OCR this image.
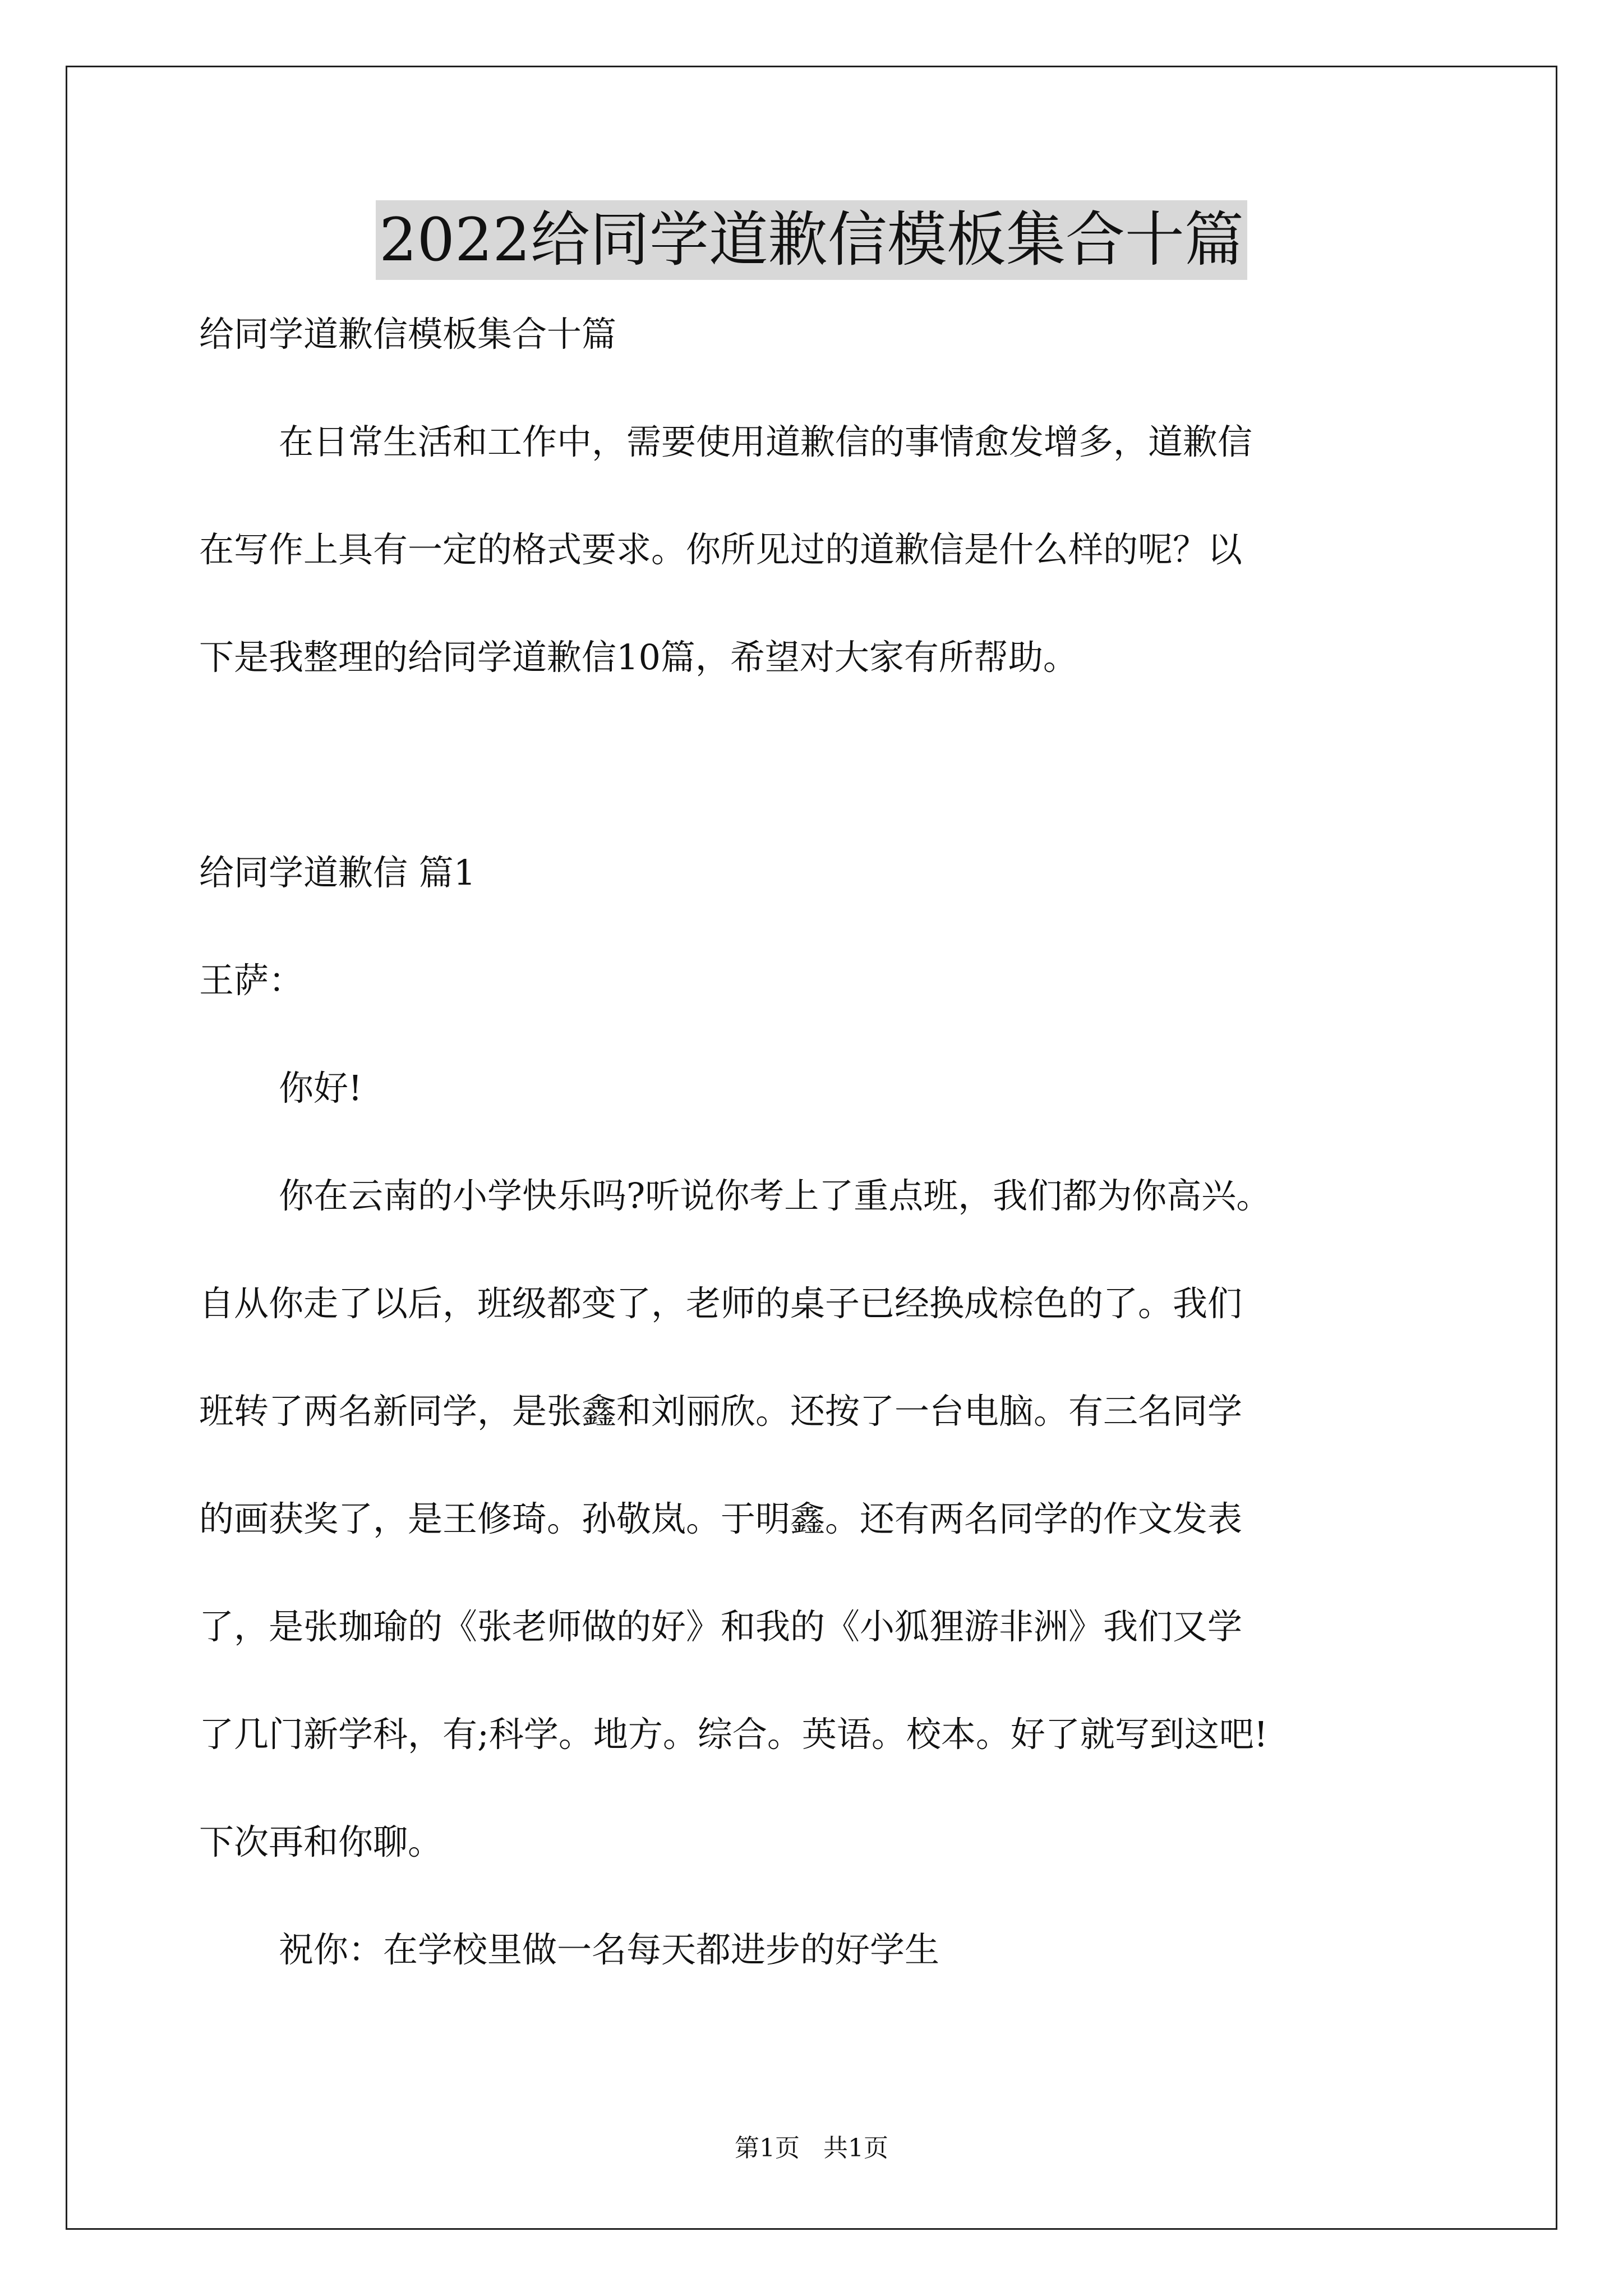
2022给同学道歉信模板集合十篇

给同学道歉信模板集合十篇

在日常生活和工作中，需要使用道歉信的事情愈发增多，道歉信

在写作上具有一定的格式要求。你所见过的道歉信是什么样的呢？以

下是我整理的给同学道歉信10篇，希望对大家有所帮助。

给同学道歉信 篇1

王萨：

你好!

你在云南的小学快乐吗?听说你考上了重点班，我们都为你高兴。

自从你走了以后，班级都变了，老师的桌子已经换成棕色的了。我们

班转了两名新同学，是张鑫和刘丽欣。还按了一台电脑。有三名同学

的画获奖了，是王修琦。孙敬岚。于明鑫。还有两名同学的作文发表

了，是张珈瑜的《张老师做的好》和我的《小狐狸游非洲》我们又学

了几门新学科，有;科学。地方。综合。英语。校本。好了就写到这吧!

下次再和你聊。

祝你：在学校里做一名每天都进步的好学生

第1页   共1页
